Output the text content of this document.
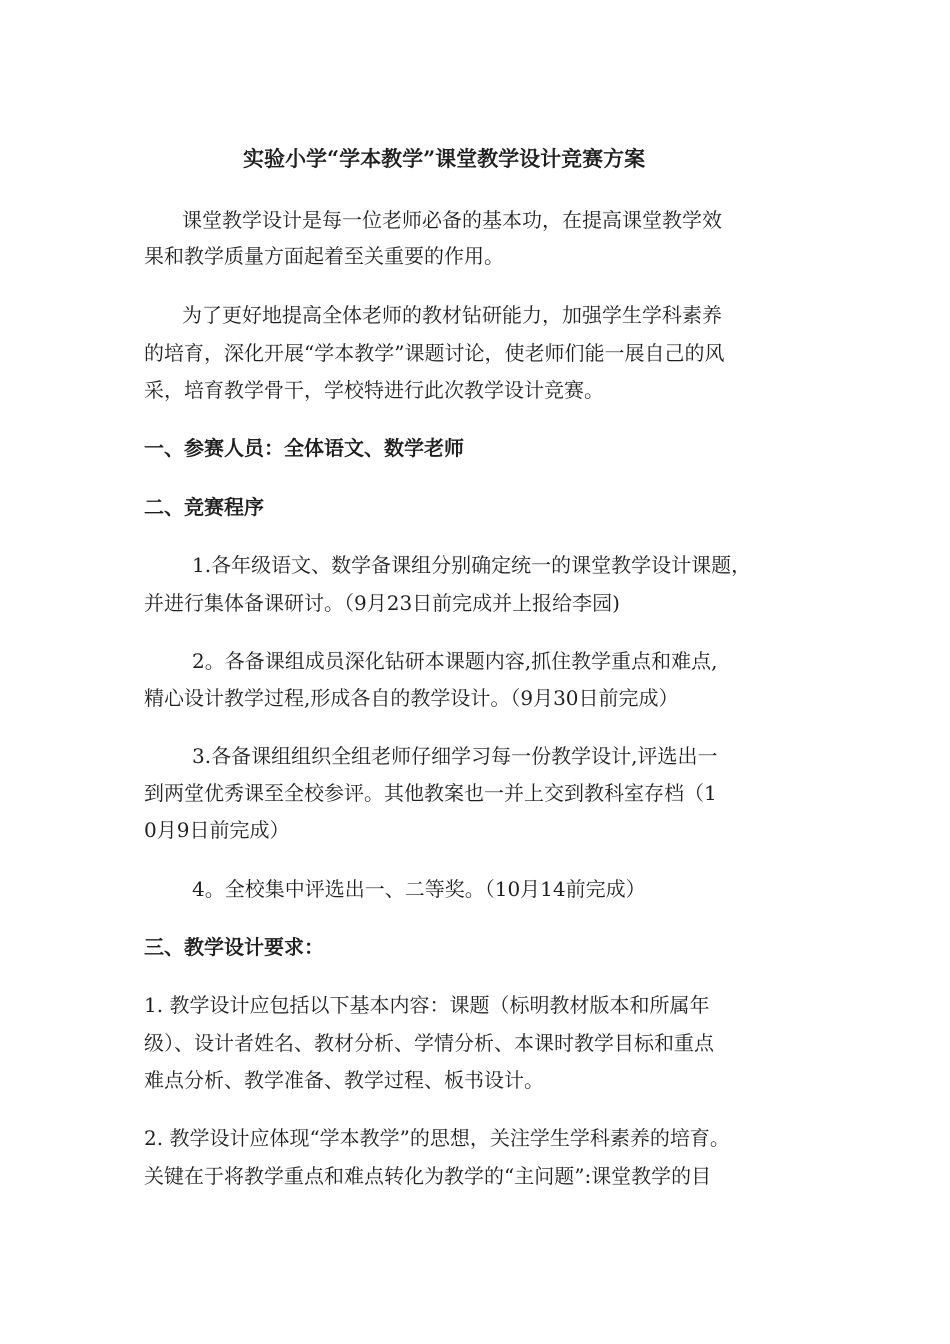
实验小学“学本教学”课堂教学设计竞赛方案
课堂教学设计是每一位老师必备的基本功，在提高课堂教学效
果和教学质量方面起着至关重要的作用。
为了更好地提高全体老师的教材钻研能力，加强学生学科素养
的培育，深化开展“学本教学”课题讨论，使老师们能一展自己的风
采，培育教学骨干，学校特进行此次教学设计竞赛。
一、参赛人员：全体语文、数学老师
二、竞赛程序
1.各年级语文、数学备课组分别确定统一的课堂教学设计课题，
并进行集体备课研讨。（9月23日前完成并上报给李园)
2。各备课组成员深化钻研本课题内容,抓住教学重点和难点,
精心设计教学过程,形成各自的教学设计。（9月30日前完成）
3.各备课组组织全组老师仔细学习每一份教学设计,评选出一
到两堂优秀课至全校参评。其他教案也一并上交到教科室存档（1
0月9日前完成）
4。全校集中评选出一、二等奖。（10月14前完成）
三、教学设计要求：
1. 教学设计应包括以下基本内容：课题（标明教材版本和所属年
级）、设计者姓名、教材分析、学情分析、本课时教学目标和重点
难点分析、教学准备、教学过程、板书设计。
2. 教学设计应体现“学本教学”的思想，关注学生学科素养的培育。
关键在于将教学重点和难点转化为教学的“主问题”:课堂教学的目
